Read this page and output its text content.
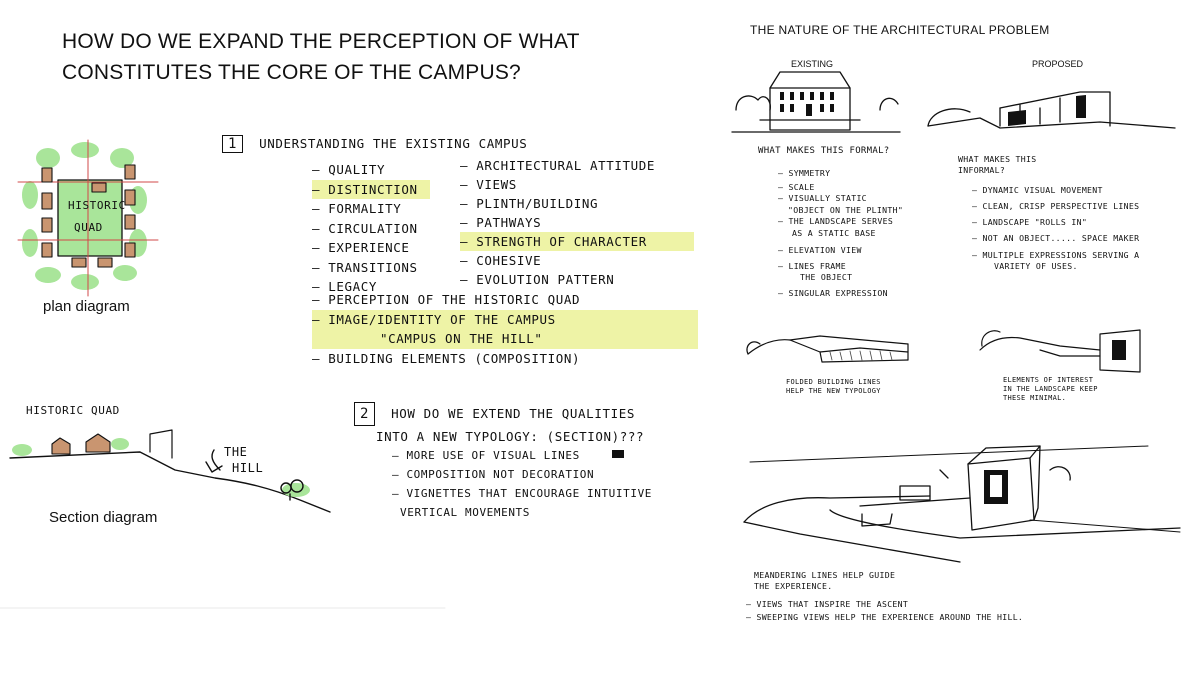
HOW DO WE EXPAND THE PERCEPTION OF WHAT CONSTITUTES THE CORE OF THE CAMPUS?
HISTORIC
QUAD
plan diagram
HISTORIC QUAD
THE
HILL
Section diagram
1 UNDERSTANDING THE EXISTING CAMPUS
— QUALITY
— DISTINCTION
— FORMALITY
— CIRCULATION
— EXPERIENCE
— TRANSITIONS
— LEGACY
— ARCHITECTURAL ATTITUDE
— VIEWS
— PLINTH/BUILDING
— PATHWAYS
— STRENGTH OF CHARACTER
— COHESIVE
— EVOLUTION PATTERN
— PERCEPTION OF THE HISTORIC QUAD
— IMAGE/IDENTITY OF THE CAMPUS
"CAMPUS ON THE HILL"
— BUILDING ELEMENTS (COMPOSITION)
2 HOW DO WE EXTEND THE QUALITIES
INTO A NEW TYPOLOGY: (SECTION)???
— MORE USE OF VISUAL LINES
— COMPOSITION NOT DECORATION
— VIGNETTES THAT ENCOURAGE INTUITIVE
VERTICAL MOVEMENTS
THE NATURE OF THE ARCHITECTURAL PROBLEM
EXISTING	PROPOSED
WHAT MAKES THIS FORMAL?
— SYMMETRY
— SCALE
— VISUALLY STATIC
"OBJECT ON THE PLINTH"
— THE LANDSCAPE SERVES
AS A STATIC BASE
— ELEVATION VIEW
— LINES FRAME
THE OBJECT
— SINGULAR EXPRESSION
WHAT MAKES THIS
INFORMAL?
— DYNAMIC VISUAL MOVEMENT
— CLEAN, CRISP PERSPECTIVE LINES
— LANDSCAPE "ROLLS IN"
— NOT AN OBJECT..... SPACE MAKER
— MULTIPLE EXPRESSIONS SERVING A
VARIETY OF USES.
FOLDED BUILDING LINES
HELP THE NEW TYPOLOGY
ELEMENTS OF INTEREST
IN THE LANDSCAPE KEEP
THESE MINIMAL.
MEANDERING LINES HELP GUIDE
THE EXPERIENCE.
— VIEWS THAT INSPIRE THE ASCENT
— SWEEPING VIEWS HELP THE EXPERIENCE AROUND THE HILL.
